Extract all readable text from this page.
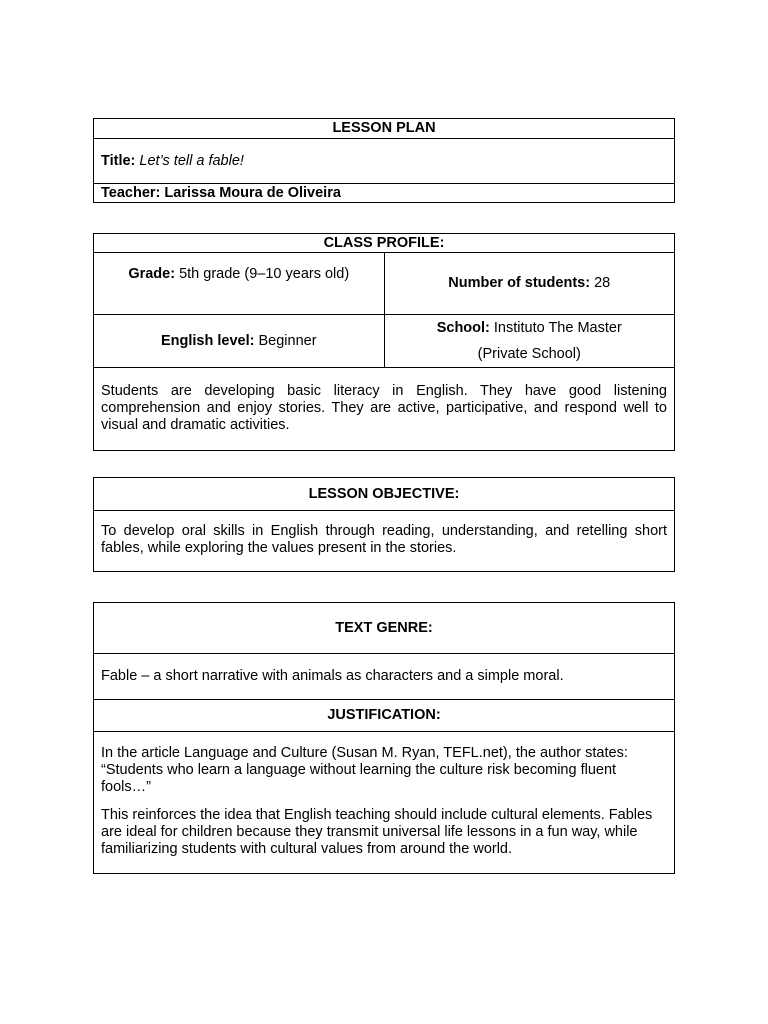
LESSON PLAN
Title: Let’s tell a fable!
Teacher: Larissa Moura de Oliveira
CLASS PROFILE:	
Grade: 5th grade (9–10 years old)	Number of students: 28
English level: Beginner	School: Instituto The Master
(Private School)

Students are developing basic literacy in English. They have good listening comprehension and enjoy stories. They are active, participative, and respond well to visual and dramatic activities.	
LESSON OBJECTIVE:
To develop oral skills in English through reading, understanding, and retelling short fables, while exploring the values present in the stories.
TEXT GENRE:
Fable – a short narrative with animals as characters and a simple moral.
JUSTIFICATION:

In the article Language and Culture (Susan M. Ryan, TEFL.net), the author states: “Students who learn a language without learning the culture risk becoming fluent fools…”

This reinforces the idea that English teaching should include cultural elements. Fables are ideal for children because they transmit universal life lessons in a fun way, while familiarizing students with cultural values from around the world.
